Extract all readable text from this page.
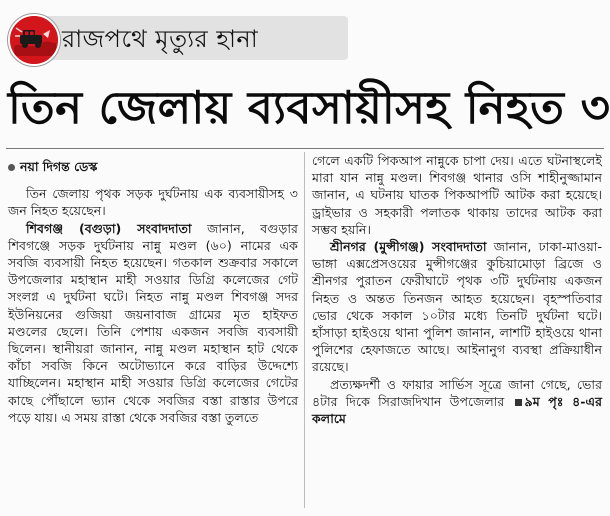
রাজপথে মৃত্যুর হানা
তিন জেলায় ব্যবসায়ীসহ নিহত ৩
নয়া দিগন্ত ডেস্ক

তিন জেলায় পৃথক সড়ক দুর্ঘটনায় এক ব্যবসায়ীসহ ৩ জন নিহত হয়েছেন।

শিবগঞ্জ (বগুড়া) সংবাদদাতা জানান, বগুড়ার শিবগঞ্জে সড়ক দুর্ঘটনায় নান্নু মণ্ডল (৬০) নামের এক সবজি ব্যবসায়ী নিহত হয়েছেন। গতকাল শুক্রবার সকালে উপজেলার মহাস্থান মাহী সওয়ার ডিগ্রি কলেজের গেট সংলগ্ন এ দুর্ঘটনা ঘটে। নিহত নান্নু মণ্ডল শিবগঞ্জ সদর ইউনিয়নের গুজিয়া জয়নাবাজ গ্রামের মৃত হাইফত মণ্ডলের ছেলে। তিনি পেশায় একজন সবজি ব্যবসায়ী ছিলেন। স্থানীয়রা জানান, নান্নু মণ্ডল মহাস্থান হাট থেকে কাঁচা সবজি কিনে অটোভ্যানে করে বাড়ির উদ্দেশ্যে যাচ্ছিলেন। মহাস্থান মাহী সওয়ার ডিগ্রি কলেজের গেটের কাছে পৌঁছালে ভ্যান থেকে সবজির বস্তা রাস্তার উপরে পড়ে যায়। এ সময় রাস্তা থেকে সবজির বস্তা তুলতে

গেলে একটি পিকআপ নান্নুকে চাপা দেয়। এতে ঘটনাস্থলেই মারা যান নান্নু মণ্ডল। শিবগঞ্জ থানার ওসি শাহীনুজ্জামান জানান, এ ঘটনায় ঘাতক পিকআপটি আটক করা হয়েছে। ড্রাইভার ও সহকারী পলাতক থাকায় তাদের আটক করা সম্ভব হয়নি।

শ্রীনগর (মুন্সীগঞ্জ) সংবাদদাতা জানান, ঢাকা-মাওয়া-ভাঙ্গা এক্সপ্রেসওয়ের মুন্সীগঞ্জের কুচিয়ামোড়া ব্রিজে ও শ্রীনগর পুরাতন ফেরীঘাটে পৃথক ৩টি দুর্ঘটনায় একজন নিহত ও অন্তত তিনজন আহত হয়েছেন। বৃহস্পতিবার ভোর থেকে সকাল ১০টার মধ্যে তিনটি দুর্ঘটনা ঘটে। হাঁসাড়া হাইওয়ে থানা পুলিশ জানান, লাশটি হাইওয়ে থানা পুলিশের হেফাজতে আছে। আইনানুগ ব্যবস্থা প্রক্রিয়াধীন রয়েছে।

প্রত্যক্ষদর্শী ও ফায়ার সার্ভিস সূত্রে জানা গেছে, ভোর ৪টার দিকে সিরাজদিখান উপজেলার ৯ম পৃঃ ৪-এর কলামে
